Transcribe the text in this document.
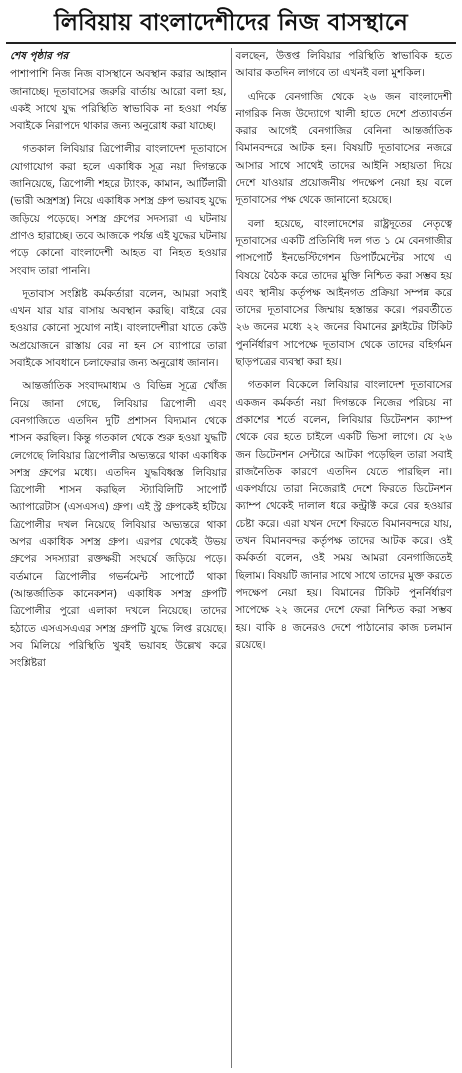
লিবিয়ায় বাংলাদেশীদের নিজ বাসস্থানে
শেষ পৃষ্ঠার পর

পাশাপাশি নিজ নিজ বাসস্থানে অবস্থান করার আহ্বান জানাচ্ছে। দূতাবাসের জরুরি বার্তায় আরো বলা হয়, একই সাথে যুদ্ধ পরিস্থিতি স্বাভাবিক না হওয়া পর্যন্ত সবাইকে নিরাপদে থাকার জন্য অনুরোধ করা যাচ্ছে।

গতকাল লিবিয়ার ত্রিপোলীর বাংলাদেশ দূতাবাসে যোগাযোগ করা হলে একাধিক সূত্র নয়া দিগন্তকে জানিয়েছে, ত্রিপোলী শহরে ট্যাংক, কামান, আর্টিলারী (ভারী অস্ত্রশস্ত্র) নিয়ে একাধিক সশস্ত্র গ্রুপ ভয়াবহ যুদ্ধে জড়িয়ে পড়েছে। সশস্ত্র গ্রুপের সদস্যরা এ ঘটনায় প্রাণও হারাচ্ছে। তবে আজকে পর্যন্ত এই যুদ্ধের ঘটনায় পড়ে কোনো বাংলাদেশী আহত বা নিহত হওয়ার সংবাদ তারা পাননি।

দূতাবাস সংশ্লিষ্ট কর্মকর্তারা বলেন, আমরা সবাই এখন যার যার বাসায় অবস্থান করছি। বাইরে বের হওয়ার কোনো সুযোগ নাই। বাংলাদেশীরা যাতে কেউ অপ্রয়োজনে রাস্তায় বের না হন সে ব্যাপারে তারা সবাইকে সাবধানে চলাফেরার জন্য অনুরোধ জানান।

আন্তর্জাতিক সংবাদমাধ্যম ও বিভিন্ন সূত্রে খোঁজ নিয়ে জানা গেছে, লিবিয়ার ত্রিপোলী এবং বেনগাজিতে এতদিন দুটি প্রশাসন বিদ্যমান থেকে শাসন করছিল। কিন্তু গতকাল থেকে শুরু হওয়া যুদ্ধটি লেগেছে লিবিয়ার ত্রিপোলীর অভ্যন্তরে থাকা একাধিক সশস্ত্র গ্রুপের মধ্যে। এতদিন যুদ্ধবিধ্বস্ত লিবিয়ার ত্রিপোলী শাসন করছিল স্ট্যাবিলিটি সাপোর্ট অ্যাপারেটাস (এসএসএ) গ্রুপ। এই স্ট্র গ্রুপকেই হটিয়ে ত্রিপোলীর দখল নিয়েছে লিবিয়ার অভ্যন্তরে থাকা অপর একাধিক সশস্ত্র গ্রুপ। এরপর থেকেই উভয় গ্রুপের সদস্যারা রক্তক্ষয়ী সংঘর্ষে জড়িয়ে পড়ে। বর্তমানে ত্রিপোলীর গভর্নমেন্ট সাপোর্টে থাকা (আন্তর্জাতিক কানেকশন) একাধিক সশস্ত্র গ্রুপটি ত্রিপোলীর পুরো এলাকা দখলে নিয়েছে। তাদের হঠাতে এসএসএএর সশস্ত্র গ্রুপটি যুদ্ধে লিপ্ত রয়েছে। সব মিলিয়ে পরিস্থিতি খুবই ভয়াবহ উল্লেখ করে সংশ্লিষ্টরা

বলছেন, উত্তপ্ত লিবিয়ার পরিস্থিতি স্বাভাবিক হতে আবার কতদিন লাগবে তা এখনই বলা মুশকিল।

এদিকে বেনগাজি থেকে ২৬ জন বাংলাদেশী নাগরিক নিজ উদ্যোগে খালী হাতে দেশে প্রত্যাবর্তন করার আগেই বেনগাজির বেনিনা আন্তর্জাতিক বিমানবন্দরে আটক হন। বিষয়টি দূতাবাসের নজরে আসার সাথে সাথেই তাদের আইনি সহায়তা দিয়ে দেশে যাওয়ার প্রয়োজনীয় পদক্ষেপ নেয়া হয় বলে দূতাবাসের পক্ষ থেকে জানানো হয়েছে।

বলা হয়েছে, বাংলাদেশের রাষ্ট্রদূতের নেতৃত্বে দূতাবাসের একটি প্রতিনিধি দল গত ১ মে বেনগাজীর পাসপোর্ট ইনভেস্টিগেশন ডিপার্টমেন্টের সাথে এ বিষয়ে বৈঠক করে তাদের মুক্তি নিশ্চিত করা সম্ভব হয় এবং স্থানীয় কর্তৃপক্ষ আইনগত প্রক্রিয়া সম্পন্ন করে তাদের দূতাবাসের জিম্মায় হস্তান্তর করে। পরবর্তীতে ২৬ জনের মধ্যে ২২ জনের বিমানের ফ্লাইটের টিকিট পুনর্নির্ধারণ সাপেক্ষে দূতাবাস থেকে তাদের বহির্গমন ছাড়পত্রের ব্যবস্থা করা হয়।

গতকাল বিকেলে লিবিয়ার বাংলাদেশ দূতাবাসের একজন কর্মকর্তা নয়া দিগন্তকে নিজের পরিচয় না প্রকাশের শর্তে বলেন, লিবিয়ার ডিটেনশন ক্যাম্প থেকে বের হতে চাইলে একটি ভিসা লাগে। যে ২৬ জন ডিটেনশন সেন্টারে আটকা পড়েছিল তারা সবাই রাজনৈতিক কারণে এতদিন যেতে পারছিল না। একপর্যায়ে তারা নিজেরাই দেশে ফিরতে ডিটেনশন ক্যাম্প থেকেই দালাল ধরে কন্ট্রাক্ট করে বের হওয়ার চেষ্টা করে। এরা যখন দেশে ফিরতে বিমানবন্দরে যায়, তখন বিমানবন্দর কর্তৃপক্ষ তাদের আটক করে। ওই কর্মকর্তা বলেন, ওই সময় আমরা বেনগাজিতেই ছিলাম। বিষয়টি জানার সাথে সাথে তাদের মুক্ত করতে পদক্ষেপ নেয়া হয়। বিমানের টিকিট পুনর্নির্ধারণ সাপেক্ষে ২২ জনের দেশে ফেরা নিশ্চিত করা সম্ভব হয়। বাকি ৪ জনেরও দেশে পাঠানোর কাজ চলমান রয়েছে।
